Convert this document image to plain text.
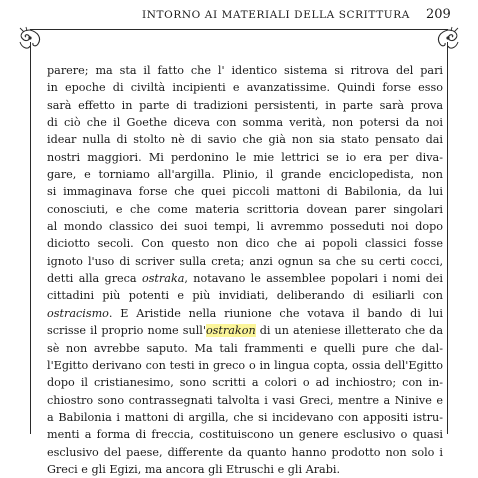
INTORNO AI MATERIALI DELLA SCRITTURA 209
parere; ma sta il fatto che l' identico sistema si ritrova del pari
in epoche di civiltà incipienti e avanzatissime. Quindi forse esso
sarà effetto in parte di tradizioni persistenti, in parte sarà prova
di ciò che il Goethe diceva con somma verità, non potersi da noi
idear nulla di stolto nè di savio che già non sia stato pensato dai
nostri maggiori. Mi perdonino le mie lettrici se io era per diva-
gare, e torniamo all'argilla. Plinio, il grande enciclopedista, non
si immaginava forse che quei piccoli mattoni di Babilonia, da lui
conosciuti, e che come materia scrittoria dovean parer singolari
al mondo classico dei suoi tempi, li avremmo posseduti noi dopo
diciotto secoli. Con questo non dico che ai popoli classici fosse
ignoto l'uso di scriver sulla creta; anzi ognun sa che su certi cocci,
detti alla greca ostraka, notavano le assemblee popolari i nomi dei
cittadini più potenti e più invidiati, deliberando di esiliarli con
ostracismo. E Aristide nella riunione che votava il bando di lui
scrisse il proprio nome sull'ostrakon di un ateniese illetterato che da
sè non avrebbe saputo. Ma tali frammenti e quelli pure che dal-
l'Egitto derivano con testi in greco o in lingua copta, ossia dell'Egitto
dopo il cristianesimo, sono scritti a colori o ad inchiostro; con in-
chiostro sono contrassegnati talvolta i vasi Greci, mentre a Ninive e
a Babilonia i mattoni di argilla, che si incidevano con appositi istru-
menti a forma di freccia, costituiscono un genere esclusivo o quasi
esclusivo del paese, differente da quanto hanno prodotto non solo i
Greci e gli Egizi, ma ancora gli Etruschi e gli Arabi.
